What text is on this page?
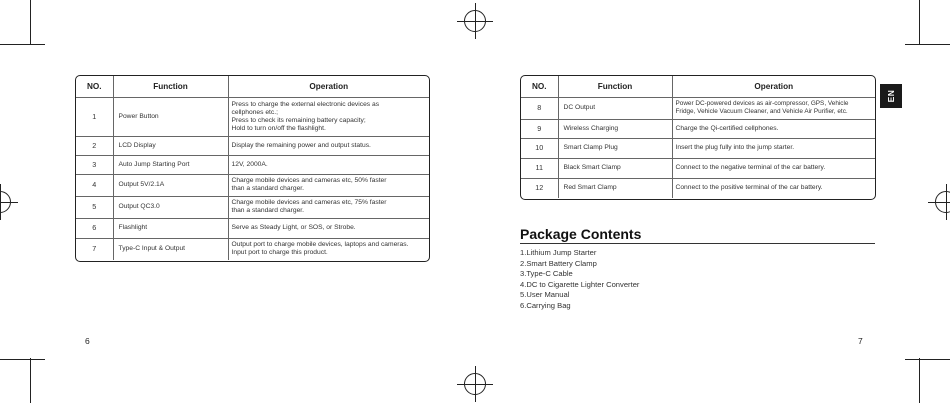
NO.	Function	Operation
1	Power Button	Press to charge the external electronic devices as
cellphones etc.;
Press to check its remaining battery capacity;
Hold to turn on/off the flashlight.
2	LCD Display	Display the remaining power and output status.
3	Auto Jump Starting Port	12V, 2000A.
4	Output 5V/2.1A	Charge mobile devices and cameras etc, 50% faster
than a standard charger.
5	Output QC3.0	Charge mobile devices and cameras etc, 75% faster
than a standard charger.
6	Flashlight	Serve as Steady Light, or SOS, or Strobe.
7	Type-C Input & Output	Output port to charge mobile devices, laptops and cameras.
Input port to charge this product.
NO.	Function	Operation
8	DC Output	Power DC-powered devices as air-compressor, GPS, Vehicle
Fridge, Vehicle Vacuum Cleaner, and Vehicle Air Purifier, etc.
9	Wireless Charging	Charge the Qi-certified cellphones.
10	Smart Clamp Plug	Insert the plug fully into the jump starter.
11	Black Smart Clamp	Connect to the negative terminal of the car battery.
12	Red Smart Clamp	Connect to the positive terminal of the car battery.
EN
Package Contents
1.Lithium Jump Starter
2.Smart Battery Clamp
3.Type-C Cable
4.DC to Cigarette Lighter Converter
5.User Manual
6.Carrying Bag
6	7
